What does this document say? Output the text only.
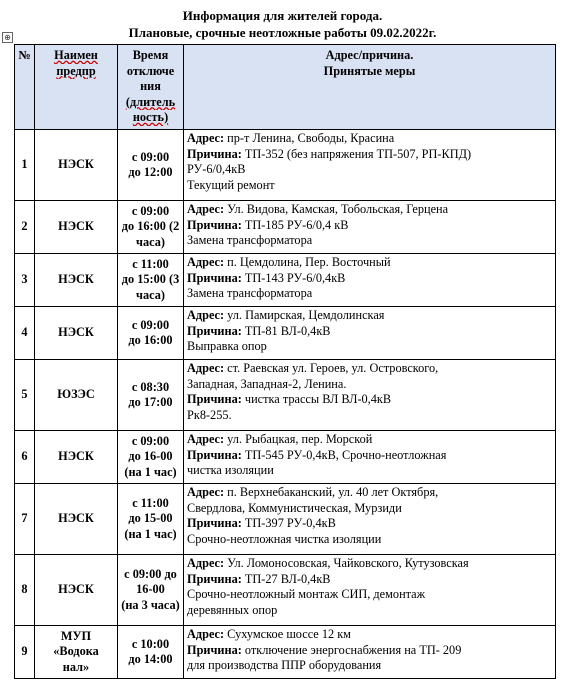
Информация для жителей города.
Плановые, срочные неотложные работы 09.02.2022г.
⊕
№	Наимен
предпр	Время
отключе
ния
(длитель
ность)	Адрес/причина.
Принятые меры

1	НЭСК	с 09:00
до 12:00	Адрес: пр-т Ленина, Свободы, Красина
Причина: ТП-352 (без напряжения ТП-507, РП-КПД)
РУ-6/0,4кВ
Текущий ремонт

2	НЭСК	с 09:00
до 16:00 (2
часа)	Адрес: Ул. Видова, Камская, Тобольская, Герцена
Причина: ТП-185 РУ-6/0,4 кВ
Замена трансформатора

3	НЭСК	с 11:00
до 15:00 (3
часа)	Адрес: п. Цемдолина, Пер. Восточный
Причина: ТП-143 РУ-6/0,4кВ
Замена трансформатора

4	НЭСК	с 09:00
до 16:00	Адрес: ул. Памирская, Цемдолинская
Причина: ТП-81 ВЛ-0,4кВ
Выправка опор

5	ЮЗЭС	с 08:30
до 17:00	Адрес: ст. Раевская ул. Героев, ул. Островского,
Западная, Западная-2, Ленина.
Причина: чистка трассы ВЛ ВЛ-0,4кВ
Рк8-255.

6	НЭСК	с 09:00
до 16-00
(на 1 час)	Адрес: ул. Рыбацкая, пер. Морской
Причина: ТП-545 РУ-0,4кВ, Срочно-неотложная
чистка изоляции

7	НЭСК	с 11:00
до 15-00
(на 1 час)	Адрес: п. Верхнебаканский, ул. 40 лет Октября,
Свердлова, Коммунистическая, Мурзиди
Причина: ТП-397 РУ-0,4кВ
Срочно-неотложная чистка изоляции

8	НЭСК	с 09:00 до
16-00
(на 3 часа)	Адрес: Ул. Ломоносовская, Чайковского, Кутузовская
Причина: ТП-27 ВЛ-0,4кВ
Срочно-неотложный монтаж СИП, демонтаж
деревянных опор

9	МУП
«Водока
нал»	с 10:00
до 14:00	Адрес: Сухумское шоссе 12 км
Причина: отключение энергоснабжения на ТП- 209
для производства ППР оборудования
